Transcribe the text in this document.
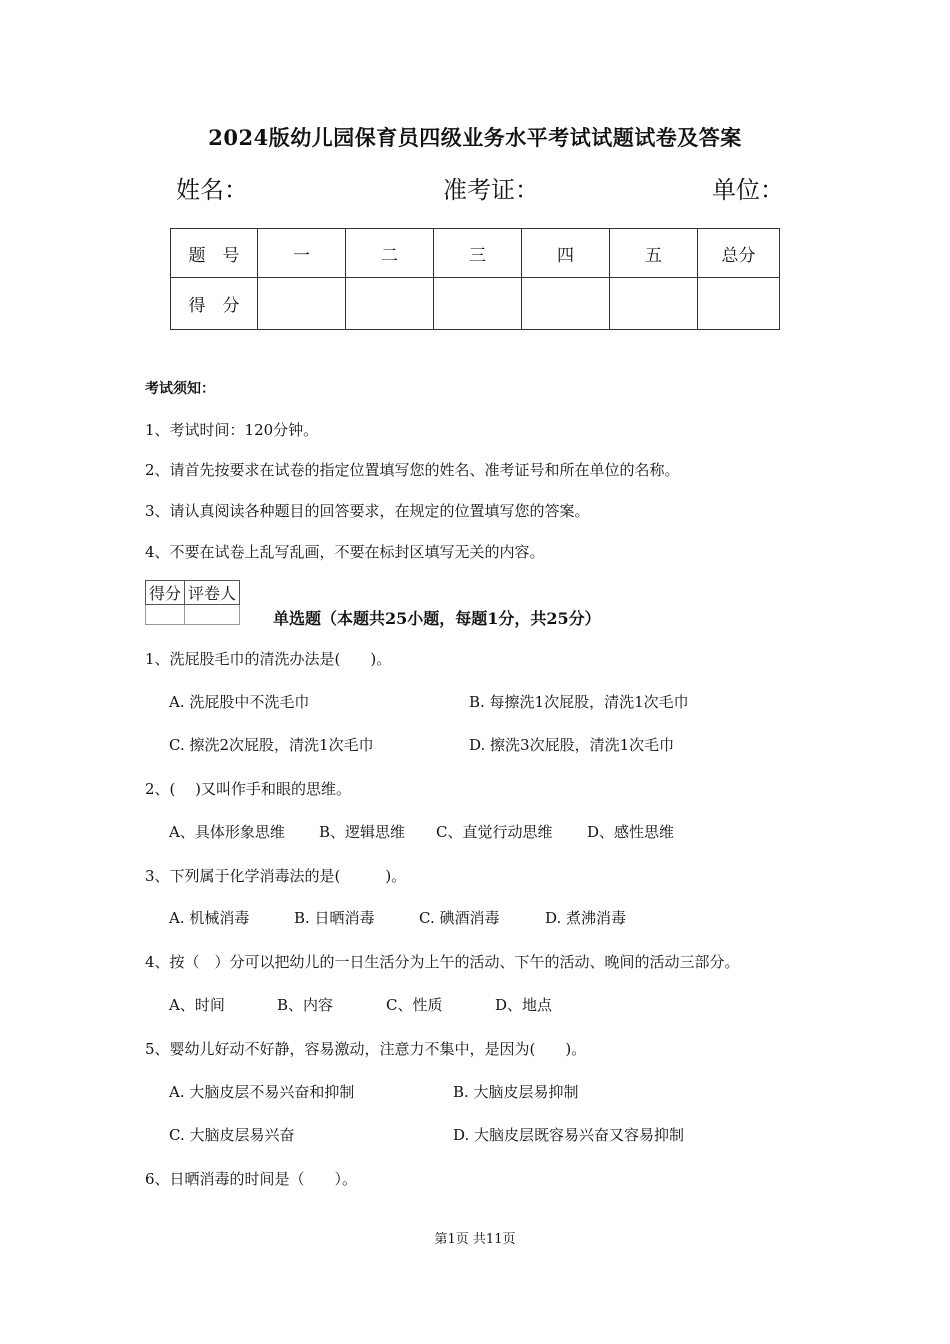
2024版幼儿园保育员四级业务水平考试试题试卷及答案
姓名：	准考证：	单位：
题　号	一	二	三	四	五	总分
得　分						
考试须知：
1、考试时间：120分钟。
2、请首先按要求在试卷的指定位置填写您的姓名、准考证号和所在单位的名称。
3、请认真阅读各种题目的回答要求，在规定的位置填写您的答案。
4、不要在试卷上乱写乱画，不要在标封区填写无关的内容。
得分	评卷人

单选题（本题共25小题，每题1分，共25分）
1、洗屁股毛巾的清洗办法是(　　)。
A. 洗屁股中不洗毛巾	B. 每擦洗1次屁股，清洗1次毛巾
C. 擦洗2次屁股，清洗1次毛巾	D. 擦洗3次屁股，清洗1次毛巾
2、(　 )又叫作手和眼的思维。
A、具体形象思维 B、逻辑思维 C、直觉行动思维 D、感性思维
3、下列属于化学消毒法的是(　　　)。
A. 机械消毒	B. 日晒消毒	C. 碘酒消毒	D. 煮沸消毒
4、按（　）分可以把幼儿的一日生活分为上午的活动、下午的活动、晚间的活动三部分。
A、时间	B、内容	C、性质	D、地点
5、婴幼儿好动不好静，容易激动，注意力不集中，是因为(　　)。
A. 大脑皮层不易兴奋和抑制	B. 大脑皮层易抑制
C. 大脑皮层易兴奋	D. 大脑皮层既容易兴奋又容易抑制
6、日晒消毒的时间是（　　）。
第1页 共11页
